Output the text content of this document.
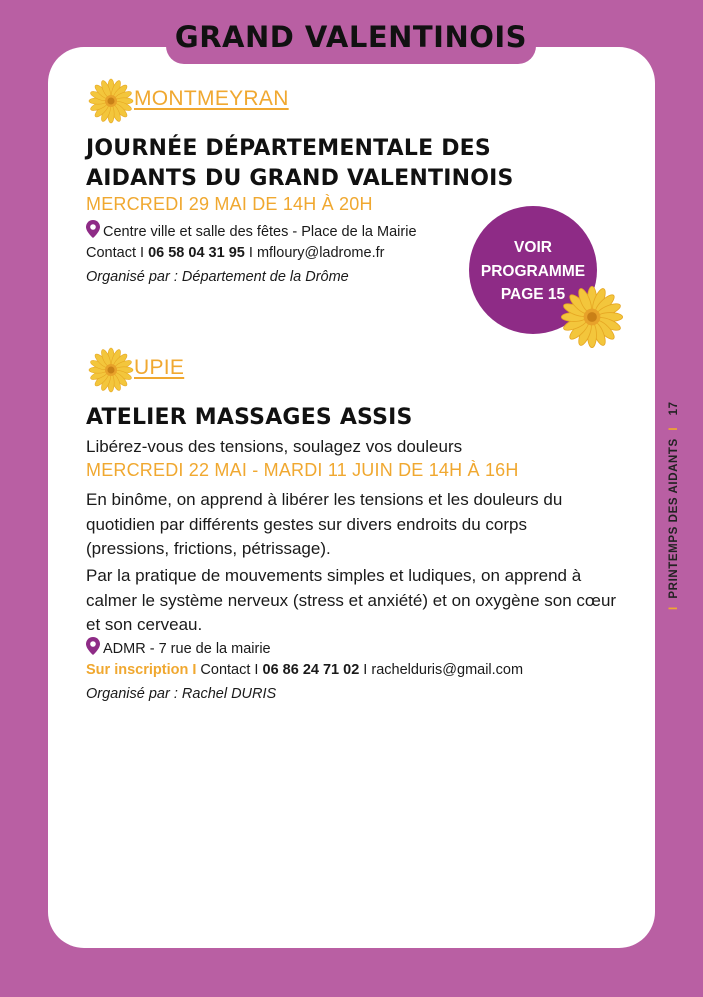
GRAND VALENTINOIS
MONTMEYRAN
JOURNÉE DÉPARTEMENTALE DES
AIDANTS DU GRAND VALENTINOIS
MERCREDI 29 MAI DE 14H À 20H
Centre ville et salle des fêtes - Place de la Mairie
Contact I 06 58 04 31 95 I mfloury@ladrome.fr
Organisé par : Département de la Drôme
VOIR
PROGRAMME
PAGE 15
UPIE
ATELIER MASSAGES ASSIS
Libérez-vous des tensions, soulagez vos douleurs
MERCREDI 22 MAI - MARDI 11 JUIN DE 14H À 16H
En binôme, on apprend à libérer les tensions et les douleurs du quotidien par différents gestes sur divers endroits du corps (pressions, frictions, pétrissage).
Par la pratique de mouvements simples et ludiques, on apprend à calmer le système nerveux (stress et anxiété) et on oxygène son cœur et son cerveau.
ADMR - 7 rue de la mairie
Sur inscription I Contact I 06 86 24 71 02 I rachelduris@gmail.com
Organisé par : Rachel DURIS
I  PRINTEMPS DES AIDANTS  I   17
